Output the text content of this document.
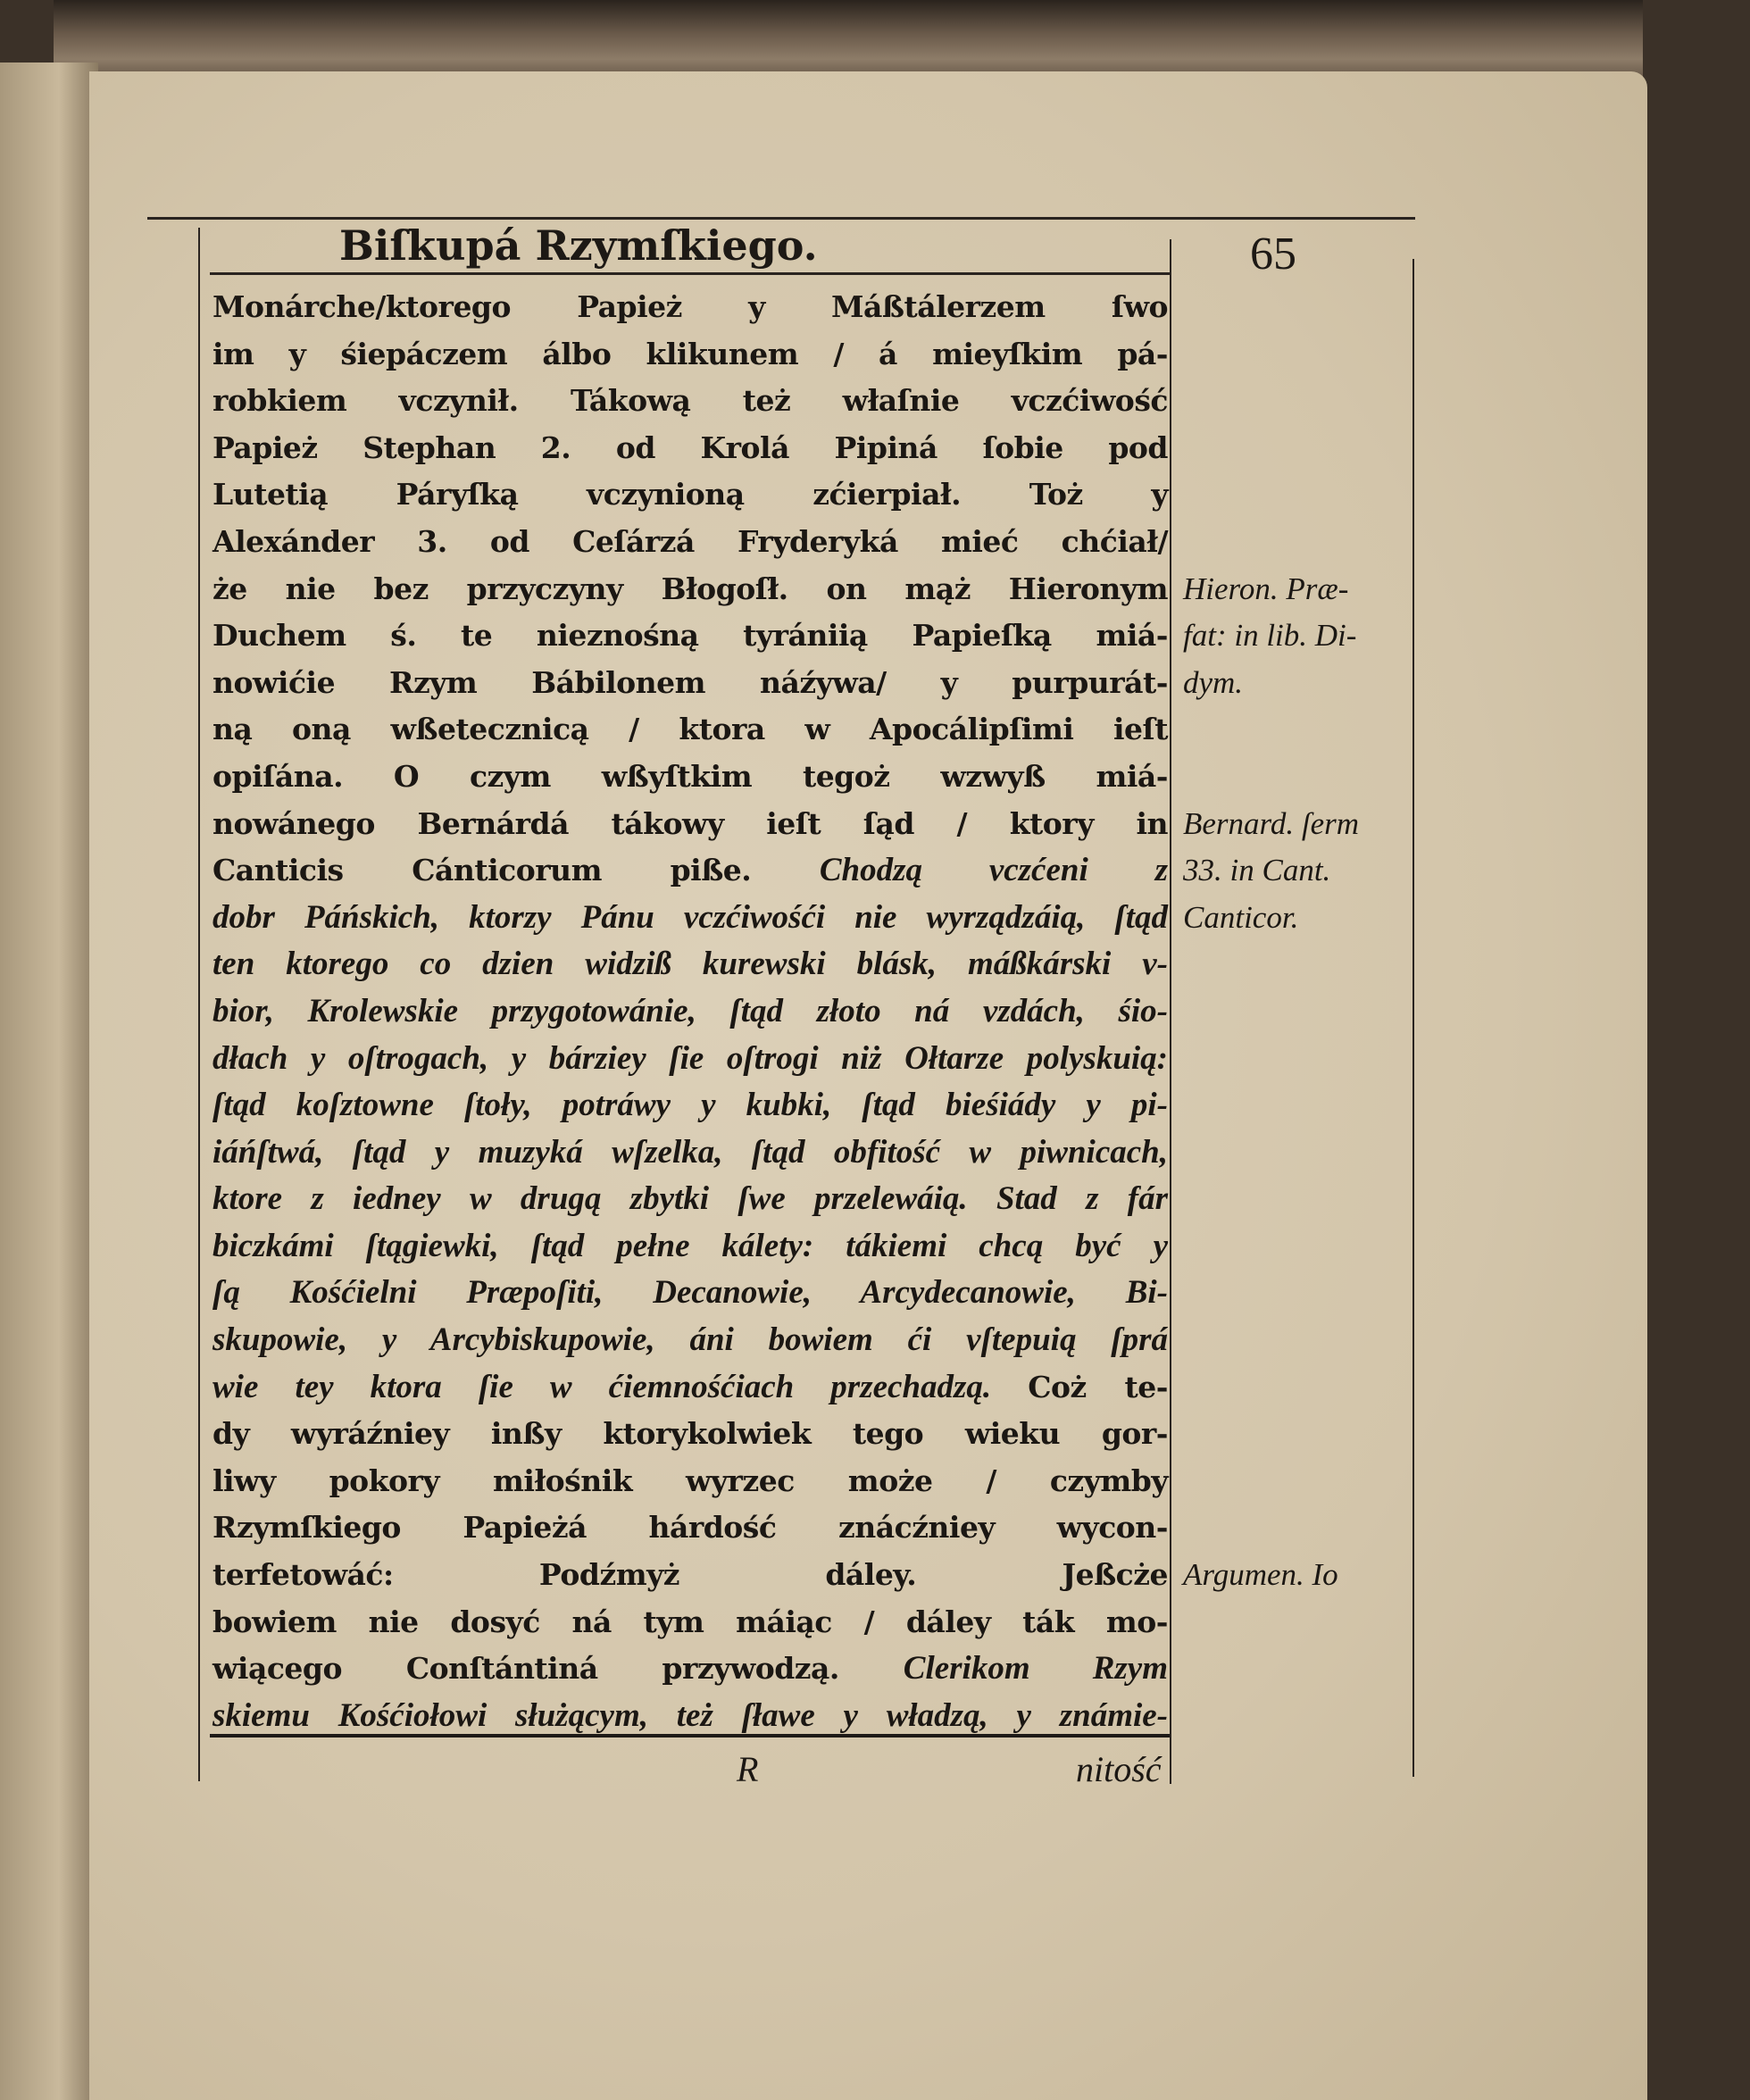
Biſkupá Rzymſkiego.	65
Monárche/ktorego Papież y Máßtálerzem ſwo
im y śiepáczem álbo klikunem / á mieyſkim pá-
robkiem vczynił. Tákową też właſnie vczćiwość
Papież Stephan 2. od Krolá Pipiná ſobie pod
Lutetią Páryſką vczynioną zćierpiał. Toż y
Alexánder 3. od Ceſárzá Fryderyká mieć chćiał/
że nie bez przyczyny Błogoſł. on mąż Hieronym
Duchem ś. te nieznośną tyrániią Papieſką miá-
nowićie Rzym Bábilonem náźywa/ y purpurát-
ną oną wßetecznicą / ktora w Apocálipſimi ieſt
opiſána. O czym wßyſtkim tegoż wzwyß miá-
nowánego Bernárdá tákowy ieſt ſąd / ktory in
Canticis Cánticorum piße. Chodzą vczćeni z
dobr Páńskich, ktorzy Pánu vczćiwośći nie wyrządzáią, ſtąd
ten ktorego co dzien widziß kurewski blásk, máßkárski v-
bior, Krolewskie przygotowánie, ſtąd złoto ná vzdách, śio-
dłach y oſtrogach, y bárziey ſie oſtrogi niż Ołtarze polyskuią:
ſtąd koſztowne ſtoły, potráwy y kubki, ſtąd bieśiády y pi-
iáńſtwá, ſtąd y muzyká wſzelka, ſtąd obfitość w piwnicach,
ktore z iedney w drugą zbytki ſwe przelewáią. Stad z fár
biczkámi ſtągiewki, ſtąd pełne kálety: tákiemi chcą być y
ſą Kośćielni Præpoſiti, Decanowie, Arcydecanowie, Bi-
skupowie, y Arcybiskupowie, áni bowiem ći vſtepuią ſprá
wie tey ktora ſie w ćiemnośćiach przechadzą. Coż te-
dy wyráźniey inßy ktorykolwiek tego wieku gor-
liwy pokory miłośnik wyrzec może / czymby
Rzymſkiego Papieżá hárdość znácźniey wycon-
terfetowáć: Podźmyż dáley. Jeßcże
bowiem nie dosyć ná tym máiąc / dáley ták mo-
wiącego Conſtántiná przywodzą. Clerikom Rzym
skiemu Kośćiołowi służącym, też ſławe y władzą, y známie-
Hieron. Præ-
fat: in lib. Di-
dym.
Bernard. ſerm
33. in Cant.
Canticor.
Argumen. Io
R	nitość
